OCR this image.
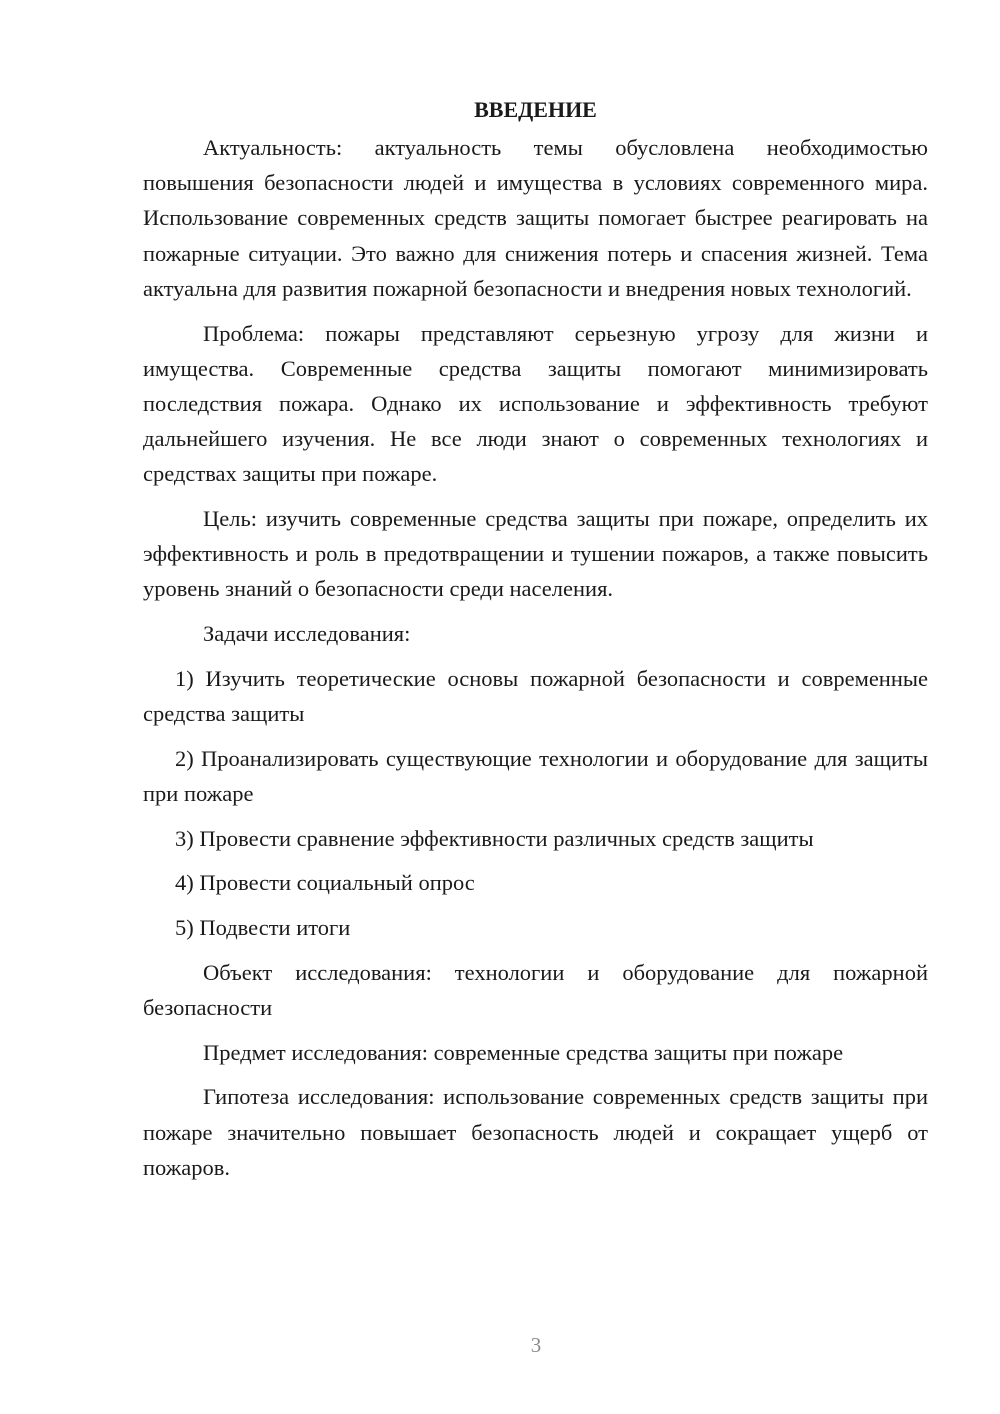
ВВЕДЕНИЕ

Актуальность: актуальность темы обусловлена необходимостью повышения безопасности людей и имущества в условиях современного мира. Использование современных средств защиты помогает быстрее реагировать на пожарные ситуации. Это важно для снижения потерь и спасения жизней. Тема актуальна для развития пожарной безопасности и внедрения новых технологий.

Проблема: пожары представляют серьезную угрозу для жизни и имущества. Современные средства защиты помогают минимизировать последствия пожара. Однако их использование и эффективность требуют дальнейшего изучения. Не все люди знают о современных технологиях и средствах защиты при пожаре.

Цель: изучить современные средства защиты при пожаре, определить их эффективность и роль в предотвращении и тушении пожаров, а также повысить уровень знаний о безопасности среди населения.

Задачи исследования:

1) Изучить теоретические основы пожарной безопасности и современные средства защиты

2) Проанализировать существующие технологии и оборудование для защиты при пожаре

3) Провести сравнение эффективности различных средств защиты

4) Провести социальный опрос

5) Подвести итоги

Объект исследования: технологии и оборудование для пожарной безопасности

Предмет исследования: современные средства защиты при пожаре

Гипотеза исследования: использование современных средств защиты при пожаре значительно повышает безопасность людей и сокращает ущерб от пожаров.

3
